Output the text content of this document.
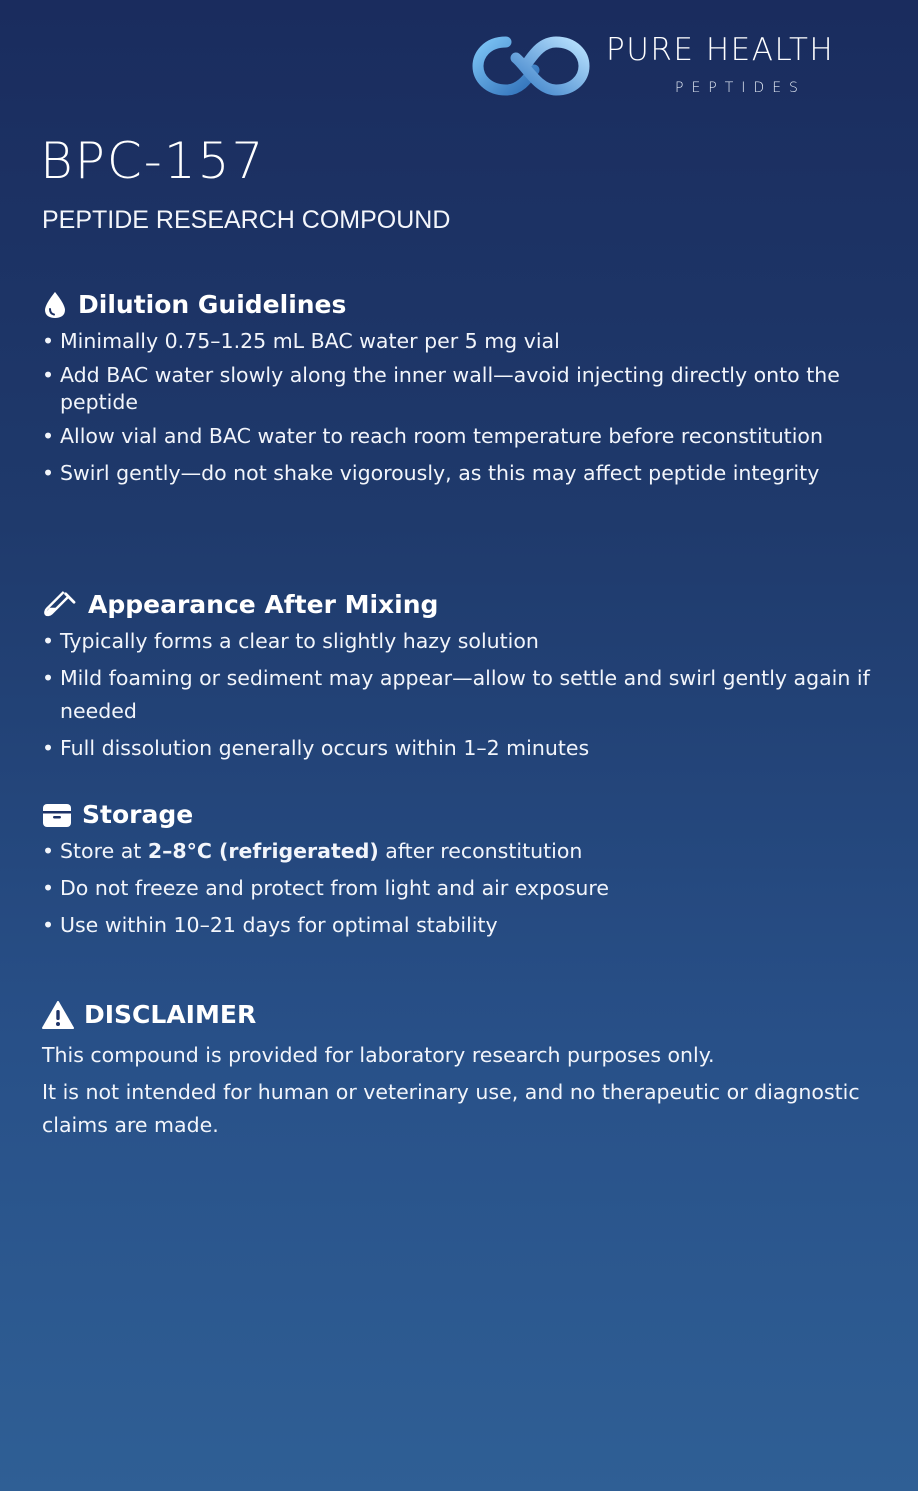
PURE HEALTH
PEPTIDES
BPC-157

PEPTIDE RESEARCH COMPOUND

Dilution Guidelines
• Minimally 0.75–1.25 mL BAC water per 5 mg vial
• Add BAC water slowly along the inner wall—avoid injecting directly onto the peptide
• Allow vial and BAC water to reach room temperature before reconstitution
• Swirl gently—do not shake vigorously, as this may affect peptide integrity
Appearance After Mixing
• Typically forms a clear to slightly hazy solution
• Mild foaming or sediment may appear—allow to settle and swirl gently again if needed
• Full dissolution generally occurs within 1–2 minutes
Storage
• Store at 2–8°C (refrigerated) after reconstitution
• Do not freeze and protect from light and air exposure
• Use within 10–21 days for optimal stability
DISCLAIMER

This compound is provided for laboratory research purposes only.

It is not intended for human or veterinary use, and no therapeutic or diagnostic claims are made.
